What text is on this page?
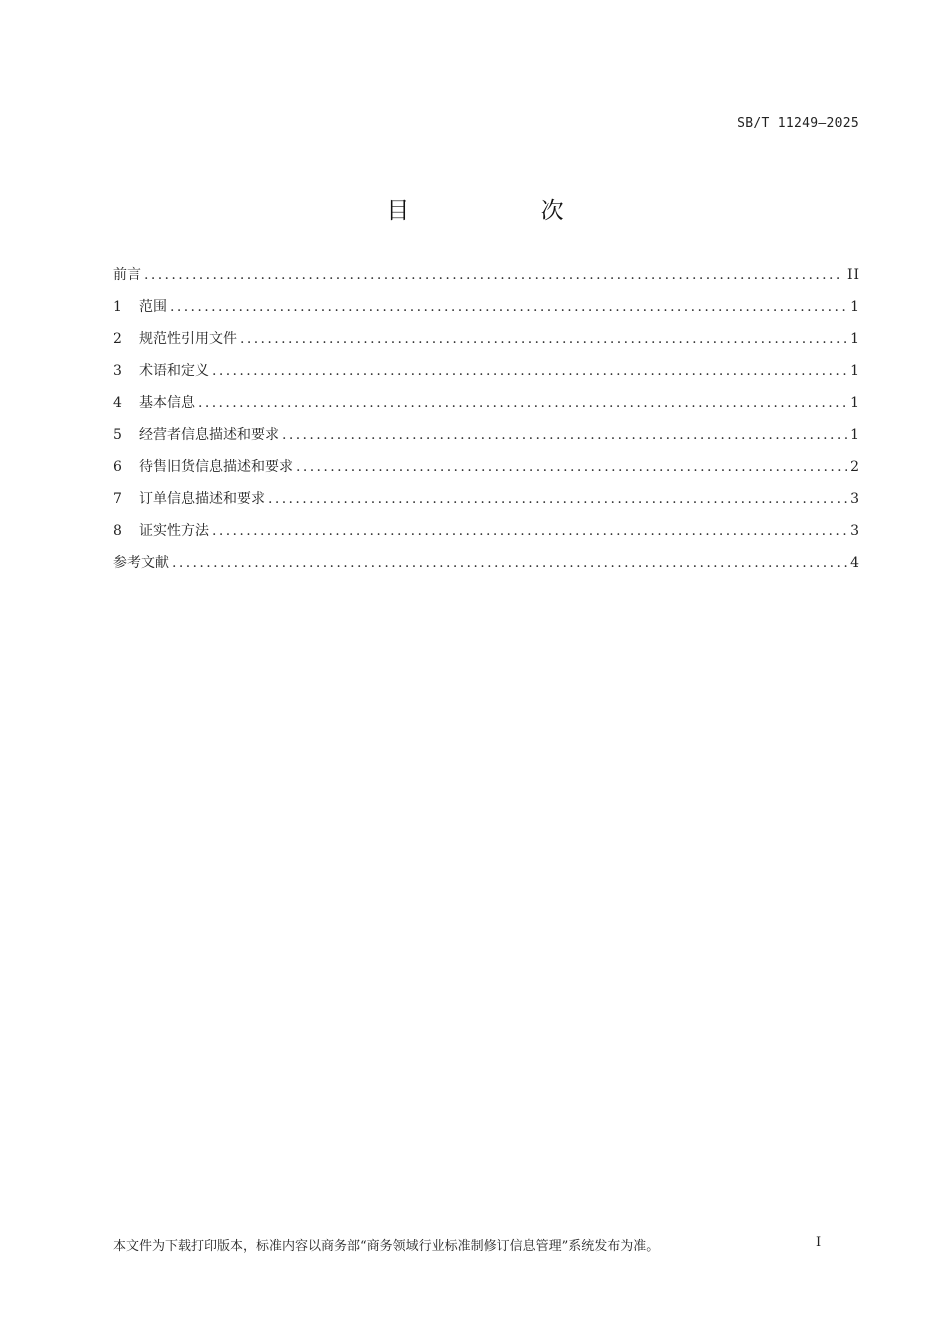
SB/T 11249—2025
目 次
前言 .....	II
1	范围 .....	1
2	规范性引用文件 .....	1
3	术语和定义 .....	1
4	基本信息 .....	1
5	经营者信息描述和要求 .....	1
6	待售旧货信息描述和要求 .....	2
7	订单信息描述和要求 .....	3
8	证实性方法 .....	3
参考文献 .....	4
本文件为下载打印版本，标准内容以商务部“商务领域行业标准制修订信息管理”系统发布为准。	I
